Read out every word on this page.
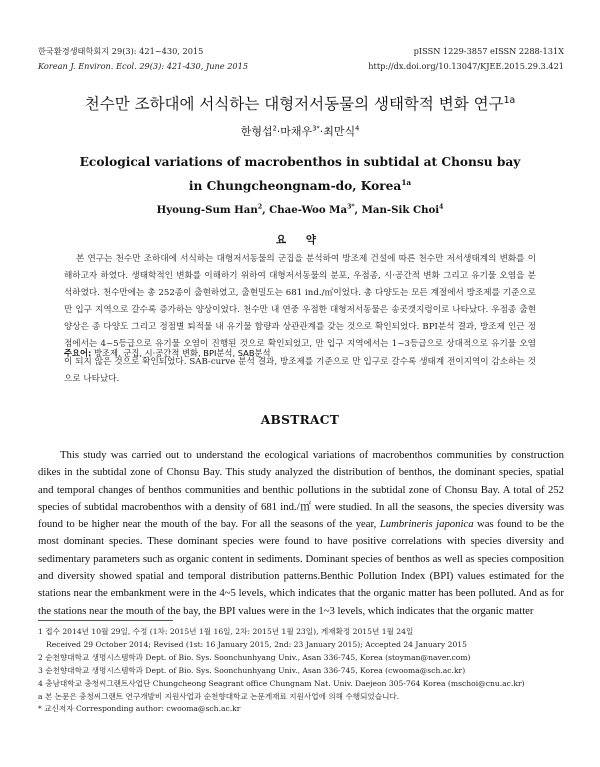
한국환경생태학회지 29(3): 421~430, 2015
Korean J. Environ. Ecol. 29(3): 421-430, June 2015
pISSN 1229-3857 eISSN 2288-131X
http://dx.doi.org/10.13047/KJEE.2015.29.3.421
천수만 조하대에 서식하는 대형저서동물의 생태학적 변화 연구$^{1a}$
한형섭$^2$·마채우$^{3*}$·최만식$^4$
Ecological variations of macrobenthos in subtidal at Chonsu bay
in Chungcheongnam-do, Korea$^{1a}$
Hyoung-Sum Han$^2$, Chae-Woo $Ma^{3*}$, Man-Sik Choi$^4$
요 약

본 연구는 천수만 조하대에 서식하는 대형저서동물의 군집을 분석하여 방조제 건설에 따른 천수만 저서생태계의 변화를 이해하고자 하였다. 생태학적인 변화를 이해하기 위하여 대형저서동물의 분포, 우점종, 시·공간적 변화 그리고 유기물 오염을 분석하였다. 천수만에는 총 252종이 출현하였고, 출현밀도는 681 ind./㎡이었다. 총 다양도는 모든 계절에서 방조제를 기준으로 만 입구 지역으로 갈수록 증가하는 양상이었다. 천수만 내 연중 우점한 대형저서동물은 송곳갯지렁이로 나타났다. 우점종 출현양상은 종 다양도 그리고 정점별 퇴적물 내 유기물 함량과 상관관계를 갖는 것으로 확인되었다. BPI분석 결과, 방조제 인근 정점에서는 4~5등급으로 유기물 오염이 진행된 것으로 확인되었고, 만 입구 지역에서는 1~3등급으로 상대적으로 유기물 오염이 되지 않은 것으로 확인되었다. SAB-curve 분석 결과, 방조제를 기준으로 만 입구로 갈수록 생태계 전이지역이 감소하는 것으로 나타났다.

주요어: 방조제, 군집, 시·공간적 변화, BPI분석, SAB분석
ABSTRACT

This study was carried out to understand the ecological variations of macrobenthos communities by construction dikes in the subtidal zone of Chonsu Bay. This study analyzed the distribution of benthos, the dominant species, spatial and temporal changes of benthos communities and benthic pollutions in the subtidal zone of Chonsu Bay. A total of 252 species of subtidal macrobenthos with a density of 681 ind./㎡ were studied. In all the seasons, the species diversity was found to be higher near the mouth of the bay. For all the seasons of the year, Lumbrineris japonica was found to be the most dominant species. These dominant species were found to have positive correlations with species diversity and sedimentary parameters such as organic content in sediments. Dominant species of benthos as well as species composition and diversity showed spatial and temporal distribution patterns.Benthic Pollution Index (BPI) values estimated for the stations near the embankment were in the 4~5 levels, which indicates that the organic matter has been polluted. And as for the stations near the mouth of the bay, the BPI values were in the 1~3 levels, which indicates that the organic matter

1 접수 2014년 10월 29일, 수정 (1차: 2015년 1월 16일, 2차: 2015년 1월 23일), 게재확정 2015년 1월 24일
Received 29 October 2014; Revised (1st: 16 January 2015, 2nd: 23 January 2015); Accepted 24 January 2015
2 순천향대학교 생명시스템학과 Dept. of Bio. Sys. Soonchunhyang Univ., Asan 336-745, Korea (stoyman@naver.com)
3 순천향대학교 생명시스템학과 Dept. of Bio. Sys. Soonchunhyang Univ., Asan 336-745, Korea (cwooma@sch.ac.kr)
4 충남대학교 충청씨그랜트사업단 Chungcheong Seagrant office Chungnam Nat. Univ. Daejeon 305-764 Korea (mschoi@cnu.ac.kr)
a 본 논문은 충청씨그랜트 연구개발비 지원사업과 순천향대학교 논문게재료 지원사업에 의해 수행되었습니다.
* 교신저자 Corresponding author: cwooma@sch.ac.kr
